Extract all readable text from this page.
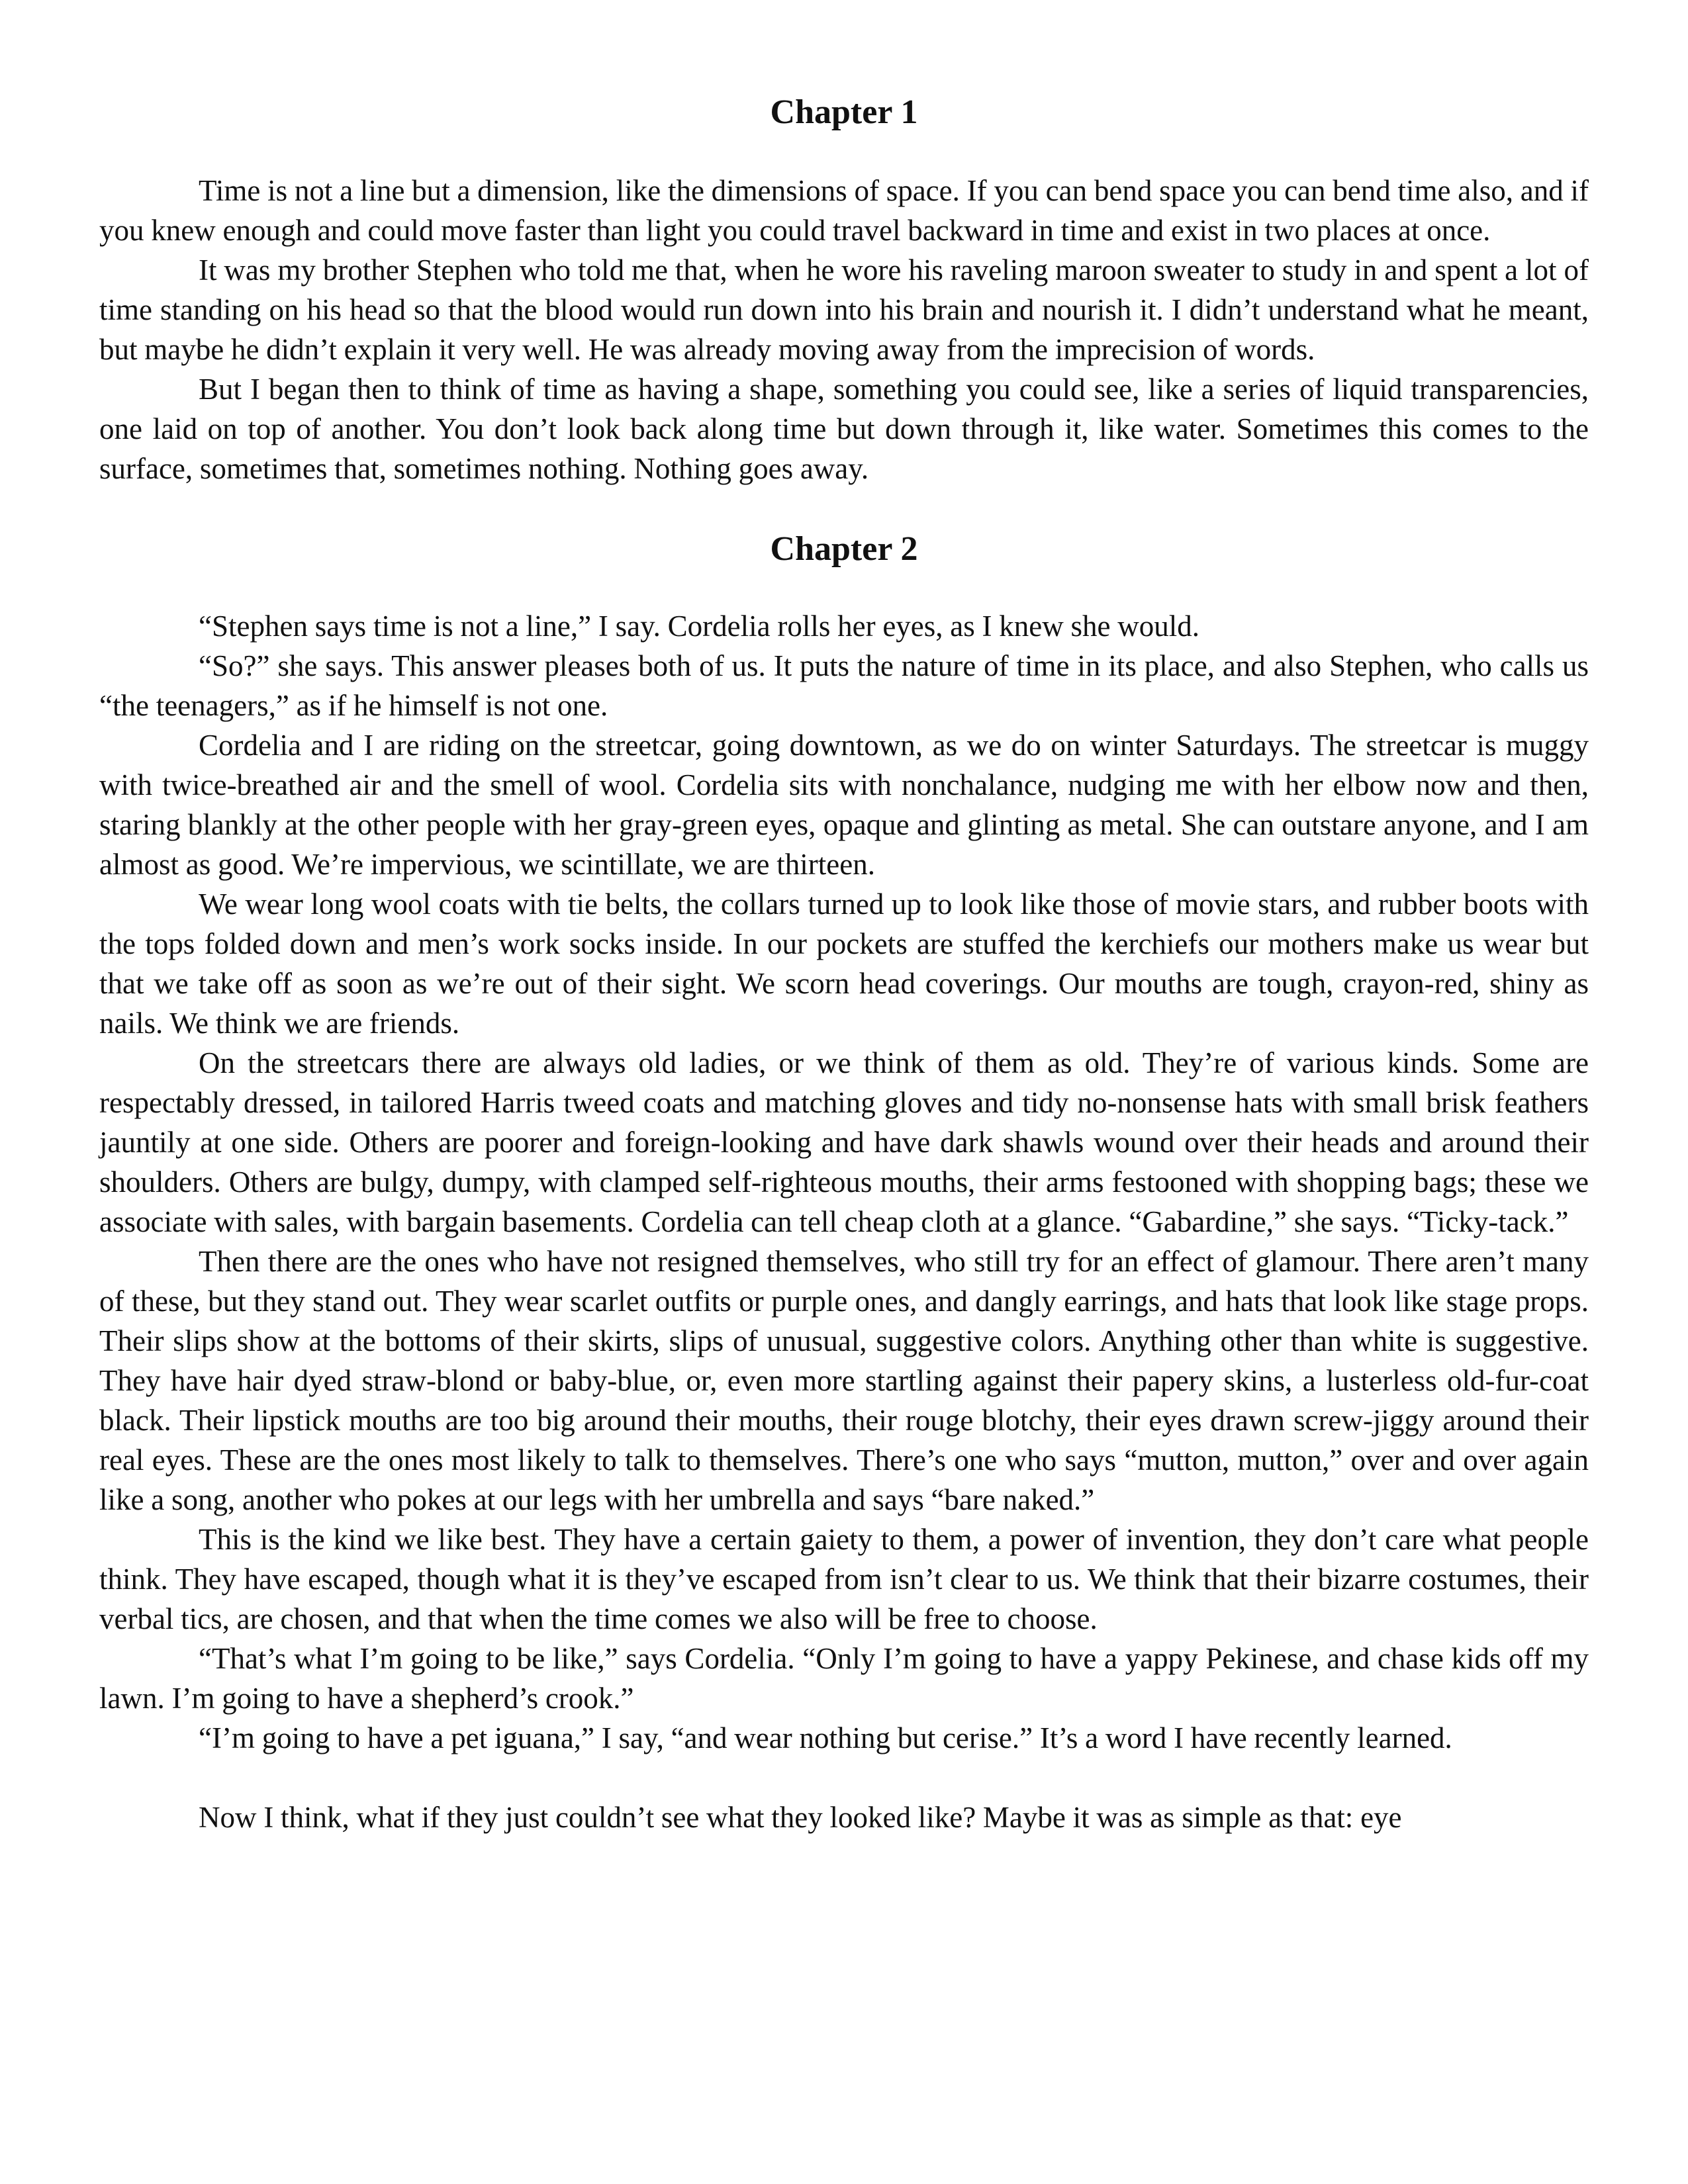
Chapter 1

Time is not a line but a dimension, like the dimensions of space. If you can bend space you can bend time also, and if you knew enough and could move faster than light you could travel backward in time and exist in two places at once.

It was my brother Stephen who told me that, when he wore his raveling maroon sweater to study in and spent a lot of time standing on his head so that the blood would run down into his brain and nourish it. I didn’t understand what he meant, but maybe he didn’t explain it very well. He was already moving away from the imprecision of words.

But I began then to think of time as having a shape, something you could see, like a series of liquid transparencies, one laid on top of another. You don’t look back along time but down through it, like water. Sometimes this comes to the surface, sometimes that, sometimes nothing. Nothing goes away.

Chapter 2

“Stephen says time is not a line,” I say. Cordelia rolls her eyes, as I knew she would.

“So?” she says. This answer pleases both of us. It puts the nature of time in its place, and also Stephen, who calls us “the teenagers,” as if he himself is not one.

Cordelia and I are riding on the streetcar, going downtown, as we do on winter Saturdays. The streetcar is muggy with twice-breathed air and the smell of wool. Cordelia sits with nonchalance, nudging me with her elbow now and then, staring blankly at the other people with her gray-green eyes, opaque and glinting as metal. She can outstare anyone, and I am almost as good. We’re impervious, we scintillate, we are thirteen.

We wear long wool coats with tie belts, the collars turned up to look like those of movie stars, and rubber boots with the tops folded down and men’s work socks inside. In our pockets are stuffed the kerchiefs our mothers make us wear but that we take off as soon as we’re out of their sight. We scorn head coverings. Our mouths are tough, crayon-red, shiny as nails. We think we are friends.

On the streetcars there are always old ladies, or we think of them as old. They’re of various kinds. Some are respectably dressed, in tailored Harris tweed coats and matching gloves and tidy no-nonsense hats with small brisk feathers jauntily at one side. Others are poorer and foreign-looking and have dark shawls wound over their heads and around their shoulders. Others are bulgy, dumpy, with clamped self-righteous mouths, their arms festooned with shopping bags; these we associate with sales, with bargain basements. Cordelia can tell cheap cloth at a glance. “Gabardine,” she says. “Ticky-tack.”

Then there are the ones who have not resigned themselves, who still try for an effect of glamour. There aren’t many of these, but they stand out. They wear scarlet outfits or purple ones, and dangly earrings, and hats that look like stage props. Their slips show at the bottoms of their skirts, slips of unusual, suggestive colors. Anything other than white is suggestive. They have hair dyed straw-blond or baby-blue, or, even more startling against their papery skins, a lusterless old-fur-coat black. Their lipstick mouths are too big around their mouths, their rouge blotchy, their eyes drawn screw-jiggy around their real eyes. These are the ones most likely to talk to themselves. There’s one who says “mutton, mutton,” over and over again like a song, another who pokes at our legs with her umbrella and says “bare naked.”

This is the kind we like best. They have a certain gaiety to them, a power of invention, they don’t care what people think. They have escaped, though what it is they’ve escaped from isn’t clear to us. We think that their bizarre costumes, their verbal tics, are chosen, and that when the time comes we also will be free to choose.

“That’s what I’m going to be like,” says Cordelia. “Only I’m going to have a yappy Pekinese, and chase kids off my lawn. I’m going to have a shepherd’s crook.”

“I’m going to have a pet iguana,” I say, “and wear nothing but cerise.” It’s a word I have recently learned.

Now I think, what if they just couldn’t see what they looked like? Maybe it was as simple as that: eye
